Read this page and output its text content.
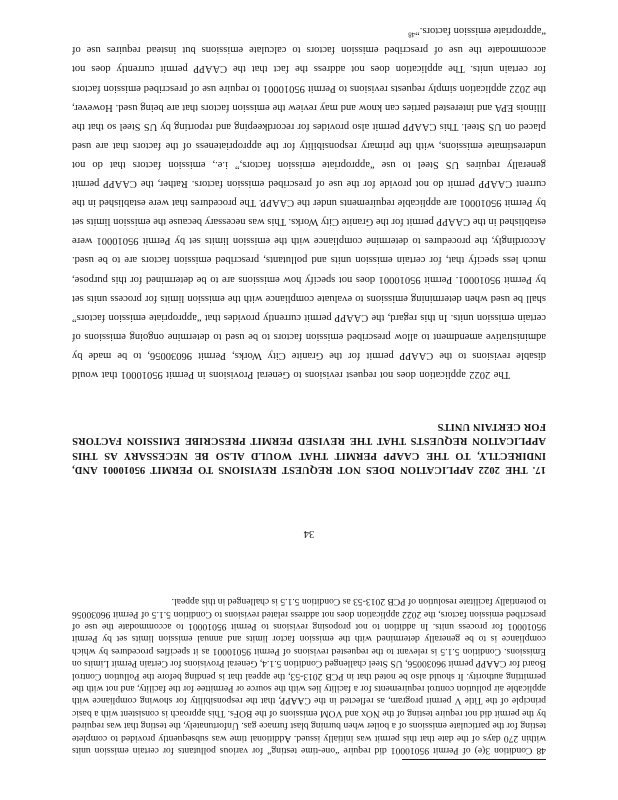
The 2022 application does not request revisions to General Provisions in Permit 95010001 that would disable revisions to the CAAPP permit for the Granite City Works, Permit 96030056, to be made by administrative amendment to allow prescribed emission factors to be used to determine ongoing emissions of certain emission units. In this regard, the CAAPP permit currently provides that “appropriate emission factors” shall be used when determining emissions to evaluate compliance with the emission limits for process units set by Permit 95010001. Permit 95010001 does not specify how emissions are to be determined for this purpose, much less specify that, for certain emission units and pollutants, prescribed emission factors are to be used. Accordingly, the procedures to determine compliance with the emission limits set by Permit 95010001 were established in the CAAPP permit for the Granite City Works. This was necessary because the emission limits set by Permit 95010001 are applicable requirements under the CAAPP. The procedures that were established in the current CAAPP permit do not provide for the use of prescribed emission factors. Rather, the CAAPP permit generally requires US Steel to use “appropriate emission factors,” i.e., emission factors that do not underestimate emissions, with the primary responsibility for the appropriateness of the factors that are used placed on US Steel. This CAAPP permit also provides for recordkeeping and reporting by US Steel so that the Illinois EPA and interested parties can know and may review the emission factors that are being used. However, the 2022 application simply requests revisions to Permit 95010001 to require use of prescribed emission factors for certain units. The application does not address the fact that the CAAPP permit currently does not accommodate the use of prescribed emission factors to calculate emissions but instead requires use of “appropriate emission factors.”$^{48}$

17. THE 2022 APPLICATION DOES NOT REQUEST REVISIONS TO PERMIT 95010001 AND, INDIRECTLY, TO THE CAAPP PERMIT THAT WOULD ALSO BE NECESSARY AS THIS APPLICATION REQUESTS THAT THE REVISED PERMIT PRESCRIBE EMISSION FACTORS FOR CERTAIN UNITS

34

48 Condition 3(e) of Permit 95010001 did require “one-time testing” for various pollutants for certain emission units within 270 days of the date that this permit was initially issued. Additional time was subsequently provided to complete testing for the particulate emissions of a boiler when burning blast furnace gas. Unfortunately, the testing that was required by the permit did not require testing of the NOx and VOM emissions of the BOFs. This approach is consistent with a basic principle of the Title V permit program, as reflected in the CAAPP, that the responsibility for showing compliance with applicable air pollution control requirements for a facility lies with the source or Permittee for the facility, and not with the permitting authority. It should also be noted that in PCB 2013-53, the appeal that is pending before the Pollution Control Board for CAAPP permit 96030056, US Steel challenged Condition 5.1.4, General Provisions for Certain Permit Limits on Emissions. Condition 5.1.5 is relevant to the requested revisions of Permit 95010001 as it specifies procedures by which compliance is to be generally determined with the emission factor limits and annual emission limits set by Permit 95010001 for process units. In addition to not proposing revisions to Permit 95010001 to accommodate the use of prescribed emission factors, the 2022 application does not address related revisions to Condition 5.1.5 of Permit 96030056 to potentially facilitate resolution of PCB 2013-53 as Condition 5.1.5 is challenged in this appeal.
